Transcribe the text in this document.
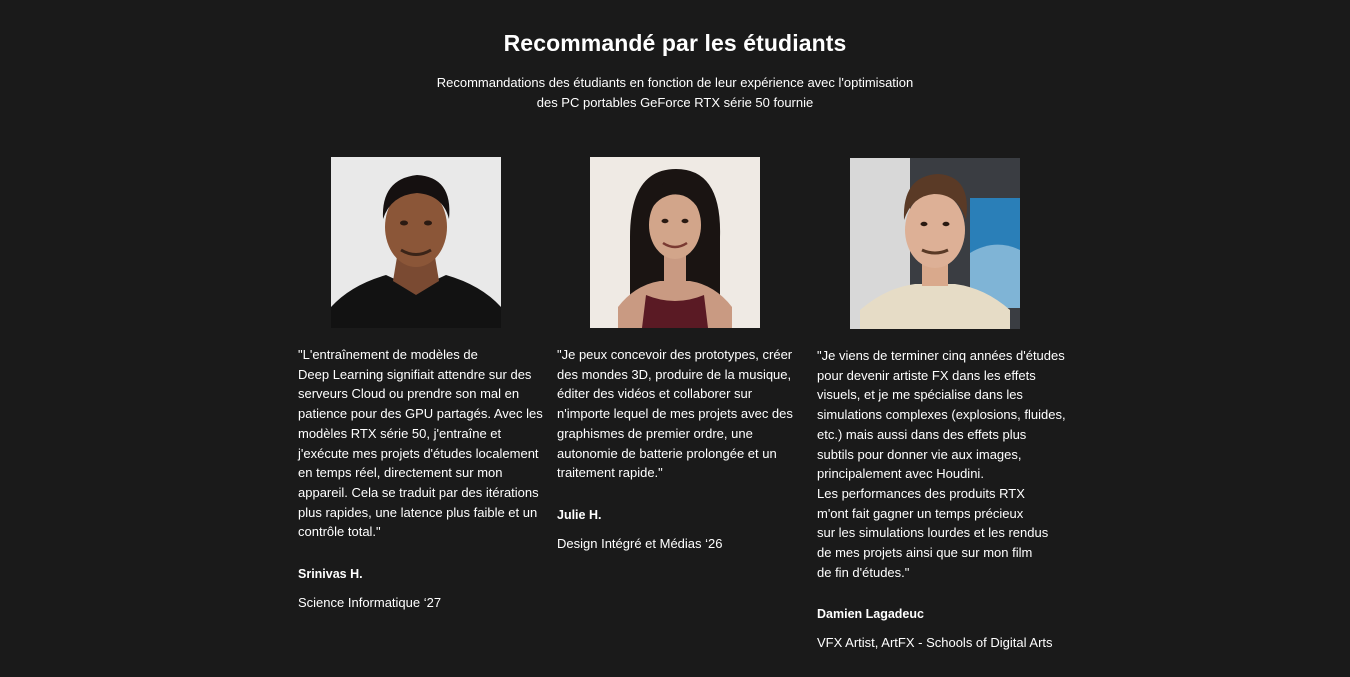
Recommandé par les étudiants

Recommandations des étudiants en fonction de leur expérience avec l'optimisation
des PC portables GeForce RTX série 50 fournie

"L'entraînement de modèles de
Deep Learning signifiait attendre sur des
serveurs Cloud ou prendre son mal en
patience pour des GPU partagés. Avec les
modèles RTX série 50, j'entraîne et
j'exécute mes projets d'études localement
en temps réel, directement sur mon
appareil. Cela se traduit par des itérations
plus rapides, une latence plus faible et un
contrôle total."

Srinivas H.

Science Informatique ‘27

"Je peux concevoir des prototypes, créer
des mondes 3D, produire de la musique,
éditer des vidéos et collaborer sur
n'importe lequel de mes projets avec des
graphismes de premier ordre, une
autonomie de batterie prolongée et un
traitement rapide."

Julie H.

Design Intégré et Médias ‘26

"Je viens de terminer cinq années d'études
pour devenir artiste FX dans les effets
visuels, et je me spécialise dans les
simulations complexes (explosions, fluides,
etc.) mais aussi dans des effets plus
subtils pour donner vie aux images,
principalement avec Houdini.
Les performances des produits RTX
m'ont fait gagner un temps précieux
sur les simulations lourdes et les rendus
de mes projets ainsi que sur mon film
de fin d'études."

Damien Lagadeuc

VFX Artist, ArtFX - Schools of Digital Arts
